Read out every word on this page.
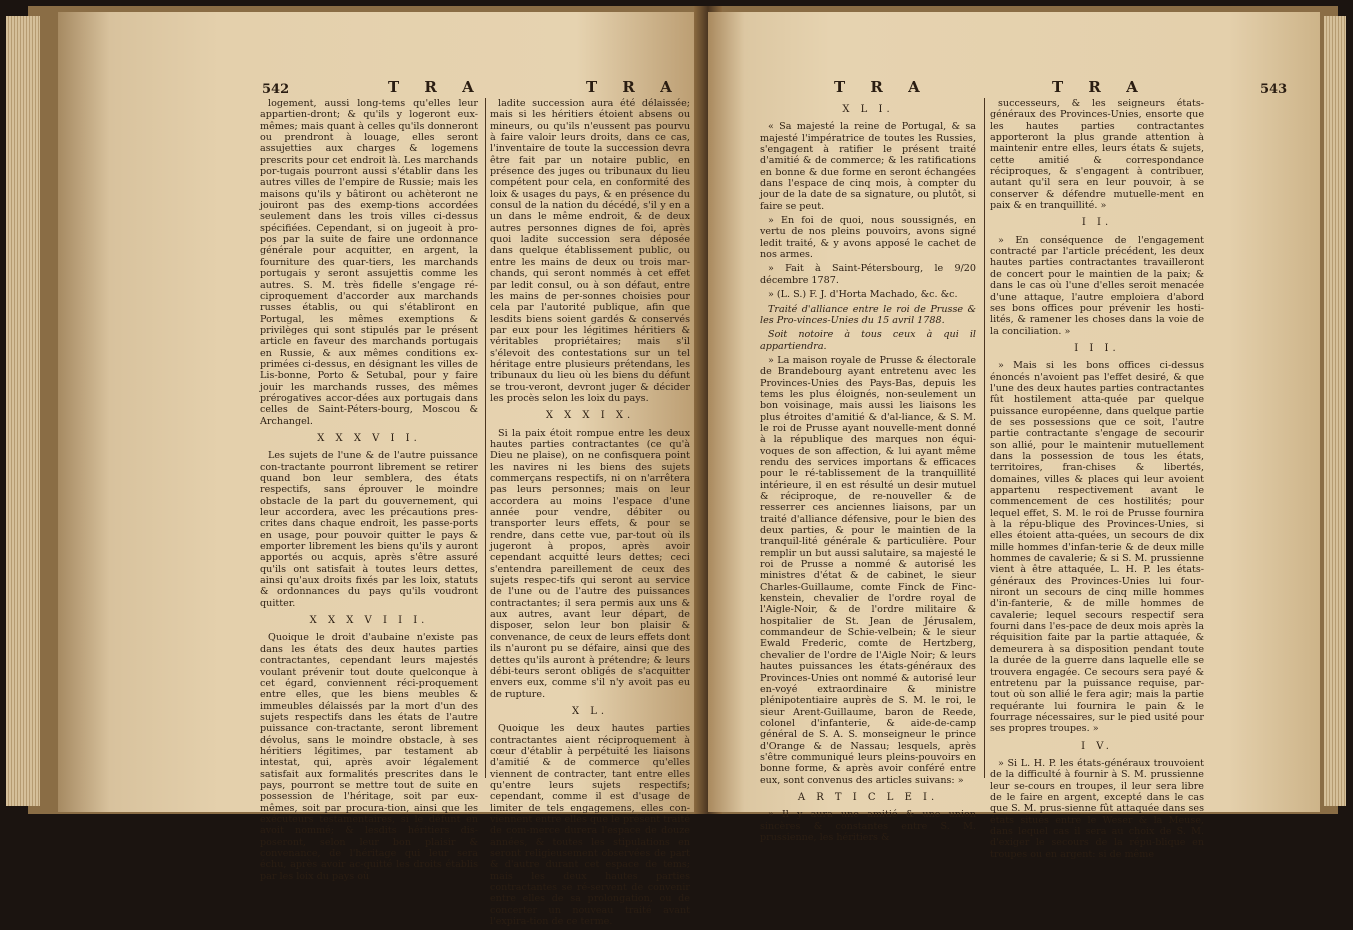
542	T R A	T R A

logement, aussi long-tems qu'elles leur appartien-dront; & qu'ils y logeront eux-mêmes; mais quant à celles qu'ils donneront ou prendront à louage, elles seront assujetties aux charges & logemens prescrits pour cet endroit là. Les marchands por-tugais pourront aussi s'établir dans les autres villes de l'empire de Russie; mais les maisons qu'ils y bâtiront ou achèteront ne jouiront pas des exemp-tions accordées seulement dans les trois villes ci-dessus spécifiées. Cependant, si on jugeoit à pro-pos par la suite de faire une ordonnance générale pour acquitter, en argent, la fourniture des quar-tiers, les marchands portugais y seront assujettis comme les autres. S. M. très fidelle s'engage ré-ciproquement d'accorder aux marchands russes établis, ou qui s'établiront en Portugal, les mêmes exemptions & privilèges qui sont stipulés par le présent article en faveur des marchands portugais en Russie, & aux mêmes conditions ex-primées ci-dessus, en désignant les villes de Lis-bonne, Porto & Setubal, pour y faire jouir les marchands russes, des mêmes prérogatives accor-dées aux portugais dans celles de Saint-Péters-bourg, Moscou & Archangel.

X X X V I I.

Les sujets de l'une & de l'autre puissance con-tractante pourront librement se retirer quand bon leur semblera, des états respectifs, sans éprouver le moindre obstacle de la part du gouvernement, qui leur accordera, avec les précautions pres-crites dans chaque endroit, les passe-ports en usage, pour pouvoir quitter le pays & emporter librement les biens qu'ils y auront apportés ou acquis, après s'être assuré qu'ils ont satisfait à toutes leurs dettes, ainsi qu'aux droits fixés par les loix, statuts & ordonnances du pays qu'ils voudront quitter.

X X X V I I I.

Quoique le droit d'aubaine n'existe pas dans les états des deux hautes parties contractantes, cependant leurs majestés voulant prévenir tout doute quelconque à cet égard, conviennent réci-proquement entre elles, que les biens meubles & immeubles délaissés par la mort d'un des sujets respectifs dans les états de l'autre puissance con-tractante, seront librement dévolus, sans le moindre obstacle, à ses héritiers légitimes, par testament ab intestat, qui, après avoir légalement satisfait aux formalités prescrites dans le pays, pourront se mettre tout de suite en possession de l'héritage, soit par eux-mêmes, soit par procura-tion, ainsi que les exécuteurs testamentaires, si le défunt en avoit nommé; & lesdits héritiers dis-poseront, selon leur bon plaisir & convenance, de l'héritage qui leur sera échu, après avoir ac-quitté les droits établis par les loix du pays où

ladite succession aura été délaissée; mais si les héritiers étoient absens ou mineurs, ou qu'ils n'eussent pas pourvu à faire valoir leurs droits, dans ce cas, l'inventaire de toute la succession devra être fait par un notaire public, en présence des juges ou tribunaux du lieu compétent pour cela, en conformité des loix & usages du pays, & en présence du consul de la nation du décédé, s'il y en a un dans le même endroit, & de deux autres personnes dignes de foi, après quoi ladite succession sera déposée dans quelque établissement public, ou entre les mains de deux ou trois mar-chands, qui seront nommés à cet effet par ledit consul, ou à son défaut, entre les mains de per-sonnes choisies pour cela par l'autorité publique, afin que lesdits biens soient gardés & conservés par eux pour les légitimes héritiers & véritables propriétaires; mais s'il s'élevoit des contestations sur un tel héritage entre plusieurs prétendans, les tribunaux du lieu où les biens du défunt se trou-veront, devront juger & décider les procès selon les loix du pays.

X X X I X.

Si la paix étoit rompue entre les deux hautes parties contractantes (ce qu'à Dieu ne plaise), on ne confisquera point les navires ni les biens des sujets commerçans respectifs, ni on n'arrêtera pas leurs personnes; mais on leur accordera au moins l'espace d'une année pour vendre, débiter ou transporter leurs effets, & pour se rendre, dans cette vue, par-tout où ils jugeront à propos, après avoir cependant acquitté leurs dettes; ceci s'entendra pareillement de ceux des sujets respec-tifs qui seront au service de l'une ou de l'autre des puissances contractantes; il sera permis aux uns & aux autres, avant leur départ, de disposer, selon leur bon plaisir & convenance, de ceux de leurs effets dont ils n'auront pu se défaire, ainsi que des dettes qu'ils auront à prétendre; & leurs débi-teurs seront obligés de s'acquitter envers eux, comme s'il n'y avoit pas eu de rupture.

X L.

Quoique les deux hautes parties contractantes aient réciproquement à cœur d'établir à perpétuité les liaisons d'amitié & de commerce qu'elles viennent de contracter, tant entre elles qu'entre leurs sujets respectifs; cependant, comme il est d'usage de limiter de tels engagemens, elles con-viennent entre elles que le présent traité de com-merce durera l'espace de douze années, & toutes les stipulations en seront religieusement observées de part & d'autre durant cet espace de tems; mais les deux hautes parties contractantes se ré-servent de convenir entre elles de sa prolongation, ou de concerter un nouveau traité avant l'expira-tion de ce terme.

T R A	T R A	543
X L I.

« Sa majesté la reine de Portugal, & sa majesté l'impératrice de toutes les Russies, s'engagent à ratifier le présent traité d'amitié & de commerce; & les ratifications en bonne & due forme en seront échangées dans l'espace de cinq mois, à compter du jour de la date de sa signature, ou plutôt, si faire se peut.

» En foi de quoi, nous soussignés, en vertu de nos pleins pouvoirs, avons signé ledit traité, & y avons apposé le cachet de nos armes.

» Fait à Saint-Pétersbourg, le 9/20 décembre 1787.

» (L. S.) F. J. d'Horta Machado, &c. &c.

Traité d'alliance entre le roi de Prusse & les Pro-vinces-Unies du 15 avril 1788.

Soit notoire à tous ceux à qui il appartiendra.

» La maison royale de Prusse & électorale de Brandebourg ayant entretenu avec les Provinces-Unies des Pays-Bas, depuis les tems les plus éloignés, non-seulement un bon voisinage, mais aussi les liaisons les plus étroites d'amitié & d'al-liance, & S. M. le roi de Prusse ayant nouvelle-ment donné à la république des marques non équi-voques de son affection, & lui ayant même rendu des services importans & efficaces pour le ré-tablissement de la tranquillité intérieure, il en est résulté un desir mutuel & réciproque, de re-nouveller & de resserrer ces anciennes liaisons, par un traité d'alliance défensive, pour le bien des deux parties, & pour le maintien de la tranquil-lité générale & particulière. Pour remplir un but aussi salutaire, sa majesté le roi de Prusse a nommé & autorisé les ministres d'état & de cabinet, le sieur Charles-Guillaume, comte Finck de Finc-kenstein, chevalier de l'ordre royal de l'Aigle-Noir, & de l'ordre militaire & hospitalier de St. Jean de Jérusalem, commandeur de Schie-velbein; & le sieur Ewald Frederic, comte de Hertzberg, chevalier de l'ordre de l'Aigle Noir; & leurs hautes puissances les états-généraux des Provinces-Unies ont nommé & autorisé leur en-voyé extraordinaire & ministre plénipotentiaire auprès de S. M. le roi, le sieur Arent-Guillaume, baron de Reede, colonel d'infanterie, & aide-de-camp général de S. A. S. monseigneur le prince d'Orange & de Nassau; lesquels, après s'être communiqué leurs pleins-pouvoirs en bonne forme, & après avoir conféré entre eux, sont convenus des articles suivans: »

A R T I C L E I.

» Il y aura une amitié & une union sincères & constantes entre S. M. prussienne, les héritiers &

successeurs, & les seigneurs états-généraux des Provinces-Unies, ensorte que les hautes parties contractantes apporteront la plus grande attention à maintenir entre elles, leurs états & sujets, cette amitié & correspondance réciproques, & s'engagent à contribuer, autant qu'il sera en leur pouvoir, à se conserver & défendre mutuelle-ment en paix & en tranquillité. »

I I.

» En conséquence de l'engagement contracté par l'article précédent, les deux hautes parties contractantes travailleront de concert pour le maintien de la paix; & dans le cas où l'une d'elles seroit menacée d'une attaque, l'autre emploiera d'abord ses bons offices pour prévenir les hosti-lités, & ramener les choses dans la voie de la conciliation. »

I I I.

» Mais si les bons offices ci-dessus énoncés n'avoient pas l'effet desiré, & que l'une des deux hautes parties contractantes fût hostilement atta-quée par quelque puissance européenne, dans quelque partie de ses possessions que ce soit, l'autre partie contractante s'engage de secourir son allié, pour le maintenir mutuellement dans la possession de tous les états, territoires, fran-chises & libertés, domaines, villes & places qui leur avoient appartenu respectivement avant le commencement de ces hostilités; pour lequel effet, S. M. le roi de Prusse fournira à la répu-blique des Provinces-Unies, si elles étoient atta-quées, un secours de dix mille hommes d'infan-terie & de deux mille hommes de cavalerie; & si S. M. prussienne vient à être attaquée, L. H. P. les états-généraux des Provinces-Unies lui four-niront un secours de cinq mille hommes d'in-fanterie, & de mille hommes de cavalerie; lequel secours respectif sera fourni dans l'es-pace de deux mois après la réquisition faite par la partie attaquée, & demeurera à sa disposition pendant toute la durée de la guerre dans laquelle elle se trouvera engagée. Ce secours sera payé & entretenu par la puissance requise, par-tout où son allié le fera agir; mais la partie requérante lui fournira le pain & le fourrage nécessaires, sur le pied usité pour ses propres troupes. »

I V.

» Si L. H. P. les états-généraux trouvoient de la difficulté à fournir à S. M. prussienne leur se-cours en troupes, il leur sera libre de le faire en argent, excepté dans le cas que S. M. prus-sienne fût attaquée dans ses états situés entre le Weser & la Meuse, dans lequel cas il sera au choix de S. M. d'exiger le secours de la répu-blique en troupes ou en argent: si de même
